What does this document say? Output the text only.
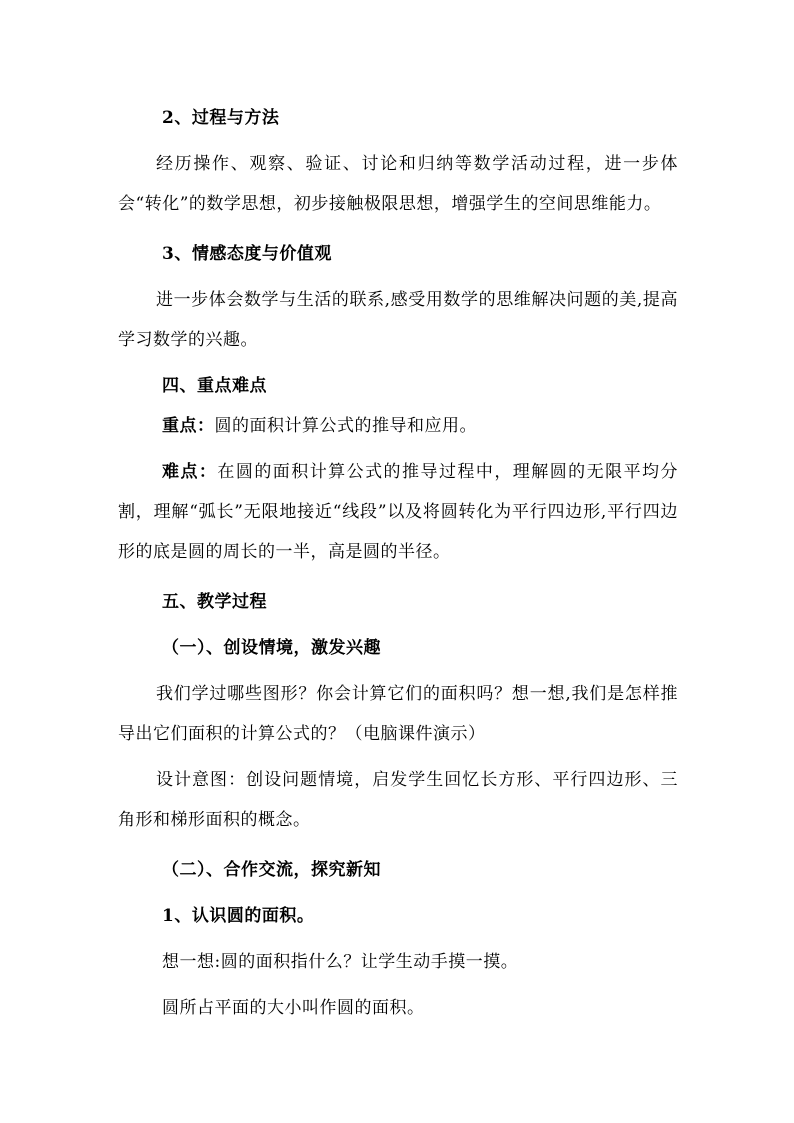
2、过程与方法

经历操作、观察、验证、讨论和归纳等数学活动过程，进一步体会“转化”的数学思想，初步接触极限思想，增强学生的空间思维能力。

3、情感态度与价值观

进一步体会数学与生活的联系,感受用数学的思维解决问题的美,提高学习数学的兴趣。

四、重点难点

重点：圆的面积计算公式的推导和应用。

难点：在圆的面积计算公式的推导过程中，理解圆的无限平均分割，理解“弧长”无限地接近“线段”以及将圆转化为平行四边形,平行四边形的底是圆的周长的一半，高是圆的半径。

五、教学过程

（一）、创设情境，激发兴趣

我们学过哪些图形？你会计算它们的面积吗？想一想,我们是怎样推导出它们面积的计算公式的？（电脑课件演示）

设计意图：创设问题情境，启发学生回忆长方形、平行四边形、三角形和梯形面积的概念。

（二）、合作交流，探究新知

1、认识圆的面积。

想一想:圆的面积指什么？让学生动手摸一摸。

圆所占平面的大小叫作圆的面积。
